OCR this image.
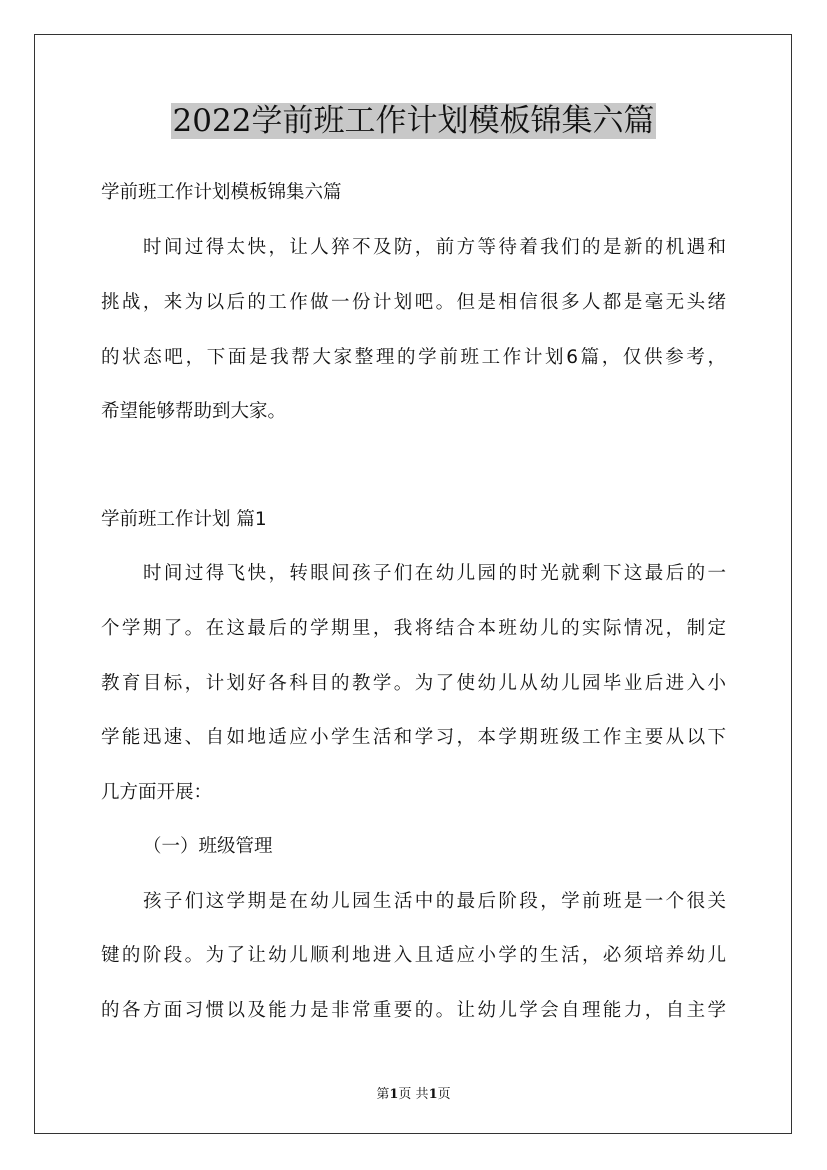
2022学前班工作计划模板锦集六篇

学前班工作计划模板锦集六篇

时间过得太快，让人猝不及防，前方等待着我们的是新的机遇和

挑战，来为以后的工作做一份计划吧。但是相信很多人都是毫无头绪

的状态吧，下面是我帮大家整理的学前班工作计划6篇，仅供参考，

希望能够帮助到大家。

学前班工作计划 篇1

时间过得飞快，转眼间孩子们在幼儿园的时光就剩下这最后的一

个学期了。在这最后的学期里，我将结合本班幼儿的实际情况，制定

教育目标，计划好各科目的教学。为了使幼儿从幼儿园毕业后进入小

学能迅速、自如地适应小学生活和学习，本学期班级工作主要从以下

几方面开展：

（一）班级管理

孩子们这学期是在幼儿园生活中的最后阶段，学前班是一个很关

键的阶段。为了让幼儿顺利地进入且适应小学的生活，必须培养幼儿

的各方面习惯以及能力是非常重要的。让幼儿学会自理能力，自主学

第1页 共1页
